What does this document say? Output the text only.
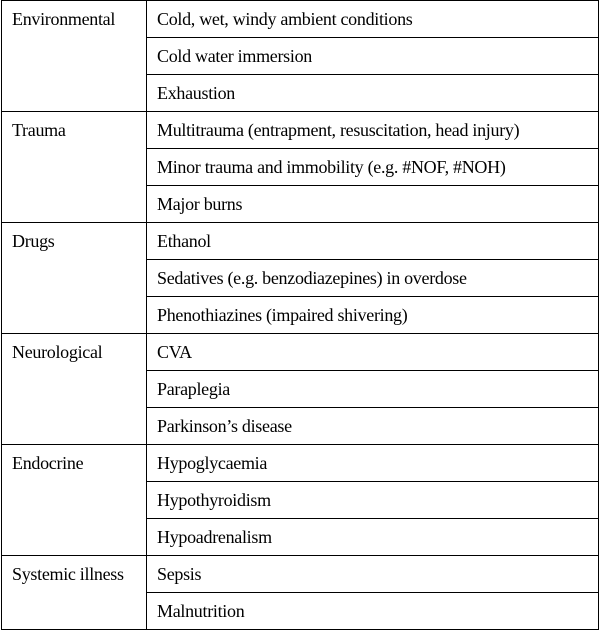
Environmental	Cold, wet, windy ambient conditions
	Cold water immersion
	Exhaustion
Trauma	Multitrauma (entrapment, resuscitation, head injury)
	Minor trauma and immobility (e.g. #NOF, #NOH)
	Major burns
Drugs	Ethanol
	Sedatives (e.g. benzodiazepines) in overdose
	Phenothiazines (impaired shivering)
Neurological	CVA
	Paraplegia
	Parkinson’s disease
Endocrine	Hypoglycaemia
	Hypothyroidism
	Hypoadrenalism
Systemic illness	Sepsis
	Malnutrition
